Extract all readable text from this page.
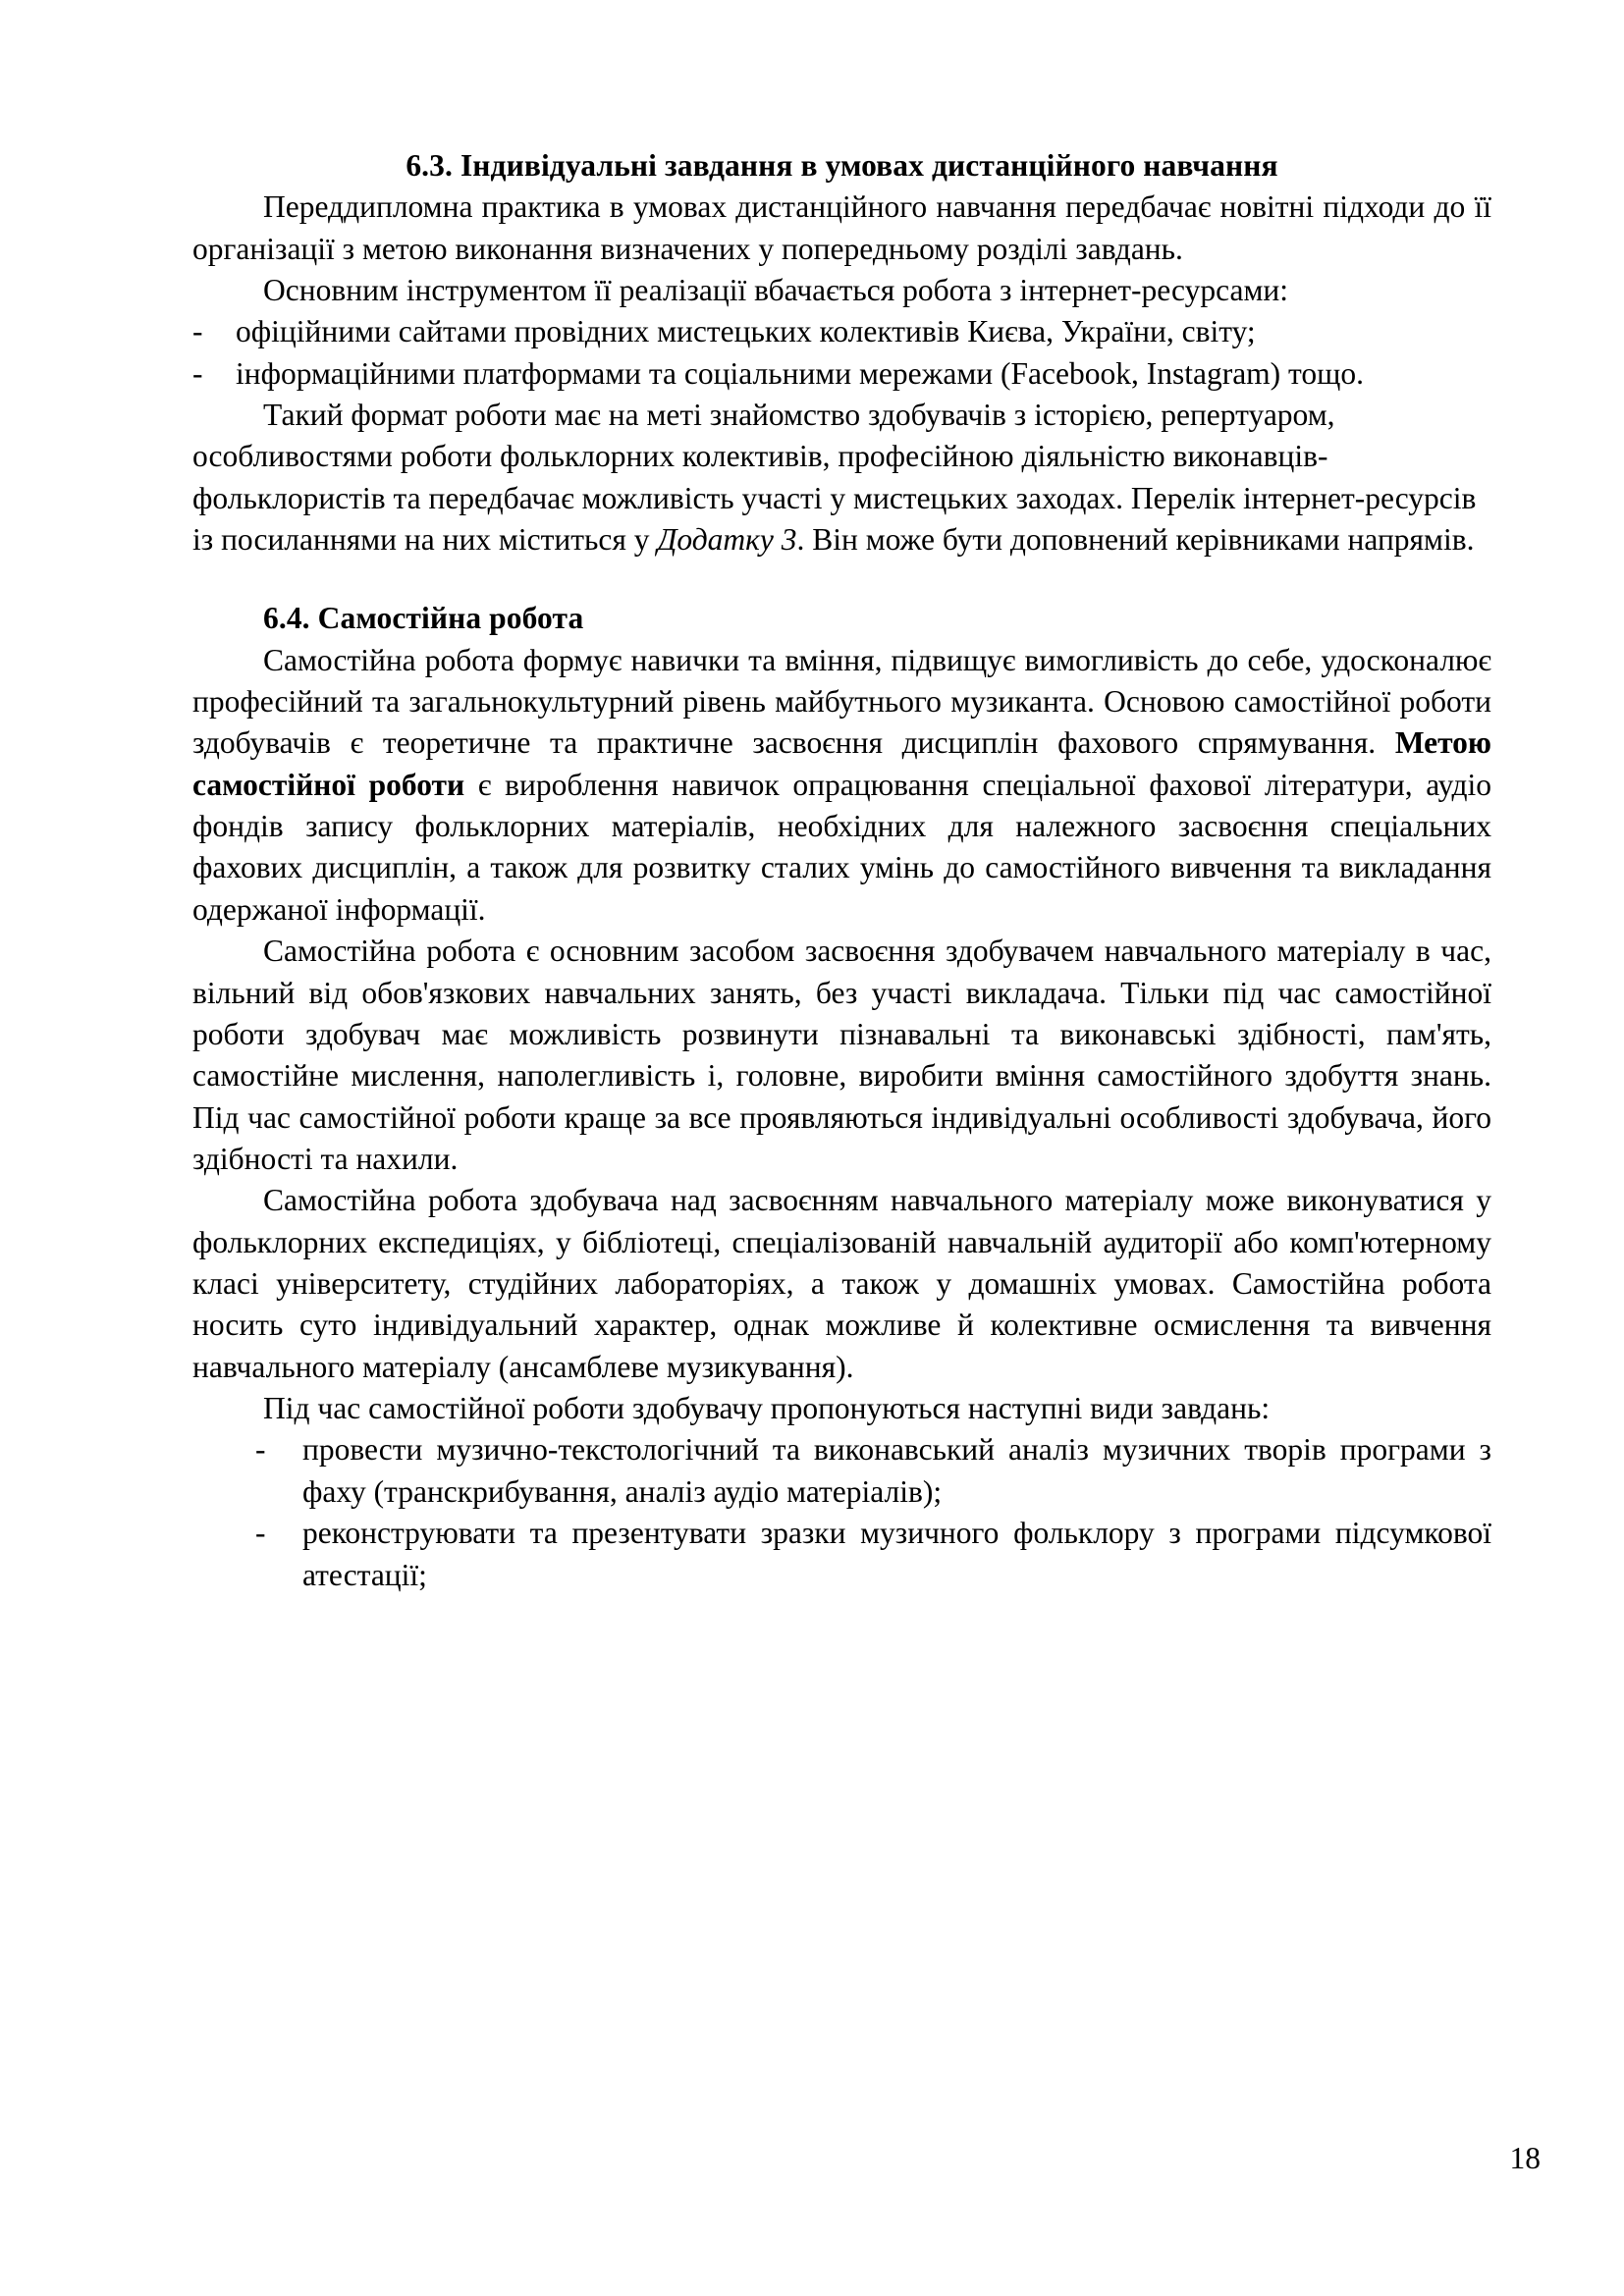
6.3. Індивідуальні завдання в умовах дистанційного навчання

Переддипломна практика в умовах дистанційного навчання передбачає новітні підходи до її організації з метою виконання визначених у попередньому розділі завдань.

Основним інструментом її реалізації вбачається робота з інтернет-ресурсами:

- офіційними сайтами провідних мистецьких колективів Києва, України, світу;
- інформаційними платформами та соціальними мережами (Facebook, Instagram) тощо.

Такий формат роботи має на меті знайомство здобувачів з історією, репертуаром, особливостями роботи фольклорних колективів, професійною діяльністю виконавців-фольклористів та передбачає можливість участі у мистецьких заходах. Перелік інтернет-ресурсів із посиланнями на них міститься у Додатку 3. Він може бути доповнений керівниками напрямів.

6.4. Самостійна робота

Самостійна робота формує навички та вміння, підвищує вимогливість до себе, удосконалює професійний та загальнокультурний рівень майбутнього музиканта. Основою самостійної роботи здобувачів є теоретичне та практичне засвоєння дисциплін фахового спрямування. Метою самостійної роботи є вироблення навичок опрацювання спеціальної фахової літератури, аудіо фондів запису фольклорних матеріалів, необхідних для належного засвоєння спеціальних фахових дисциплін, а також для розвитку сталих умінь до самостійного вивчення та викладання одержаної інформації.

Самостійна робота є основним засобом засвоєння здобувачем навчального матеріалу в час, вільний від обов'язкових навчальних занять, без участі викладача. Тільки під час самостійної роботи здобувач має можливість розвинути пізнавальні та виконавські здібності, пам'ять, самостійне мислення, наполегливість і, головне, виробити вміння самостійного здобуття знань. Під час самостійної роботи краще за все проявляються індивідуальні особливості здобувача, його здібності та нахили.

Самостійна робота здобувача над засвоєнням навчального матеріалу може виконуватися у фольклорних експедиціях, у бібліотеці, спеціалізованій навчальній аудиторії або комп'ютерному класі університету, студійних лабораторіях, а також у домашніх умовах. Самостійна робота носить суто індивідуальний характер, однак можливе й колективне осмислення та вивчення навчального матеріалу (ансамблеве музикування).

Під час самостійної роботи здобувачу пропонуються наступні види завдань:

- провести музично-текстологічний та виконавський аналіз музичних творів програми з фаху (транскрибування, аналіз аудіо матеріалів);
- реконструювати та презентувати зразки музичного фольклору з програми підсумкової атестації;
18
